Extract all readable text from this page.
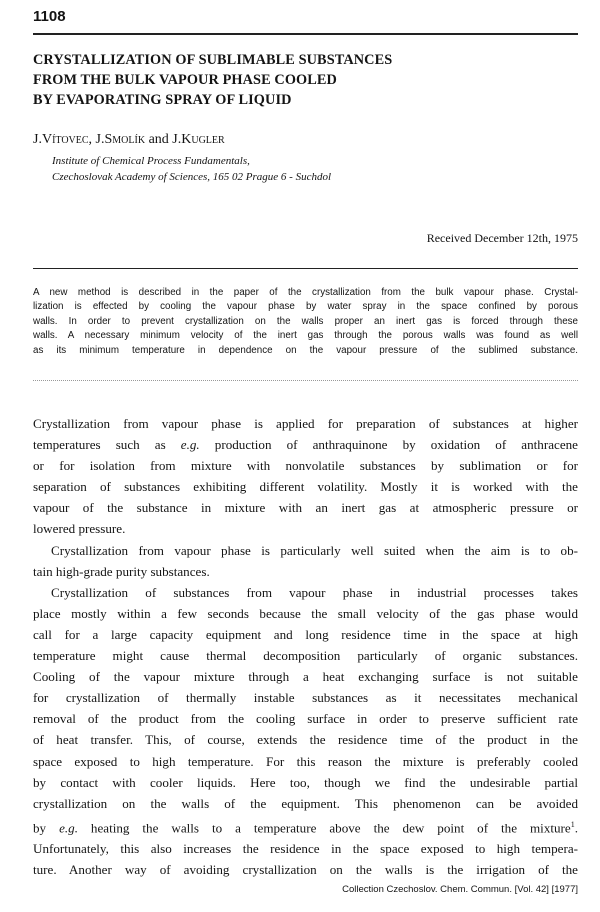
1108
CRYSTALLIZATION OF SUBLIMABLE SUBSTANCES
FROM THE BULK VAPOUR PHASE COOLED
BY EVAPORATING SPRAY OF LIQUID
J.Vítovec, J.Smolík and J.Kugler
Institute of Chemical Process Fundamentals,
Czechoslovak Academy of Sciences, 165 02 Prague 6 - Suchdol
Received December 12th, 1975
A new method is described in the paper of the crystallization from the bulk vapour phase. Crystal-
lization is effected by cooling the vapour phase by water spray in the space confined by porous
walls. In order to prevent crystallization on the walls proper an inert gas is forced through these
walls. A necessary minimum velocity of the inert gas through the porous walls was found as well
as its minimum temperature in dependence on the vapour pressure of the sublimed substance.
Crystallization from vapour phase is applied for preparation of substances at higher
temperatures such as e.g. production of anthraquinone by oxidation of anthracene
or for isolation from mixture with nonvolatile substances by sublimation or for
separation of substances exhibiting different volatility. Mostly it is worked with the
vapour of the substance in mixture with an inert gas at atmospheric pressure or
lowered pressure.
Crystallization from vapour phase is particularly well suited when the aim is to ob-
tain high-grade purity substances.
Crystallization of substances from vapour phase in industrial processes takes
place mostly within a few seconds because the small velocity of the gas phase would
call for a large capacity equipment and long residence time in the space at high
temperature might cause thermal decomposition particularly of organic substances.
Cooling of the vapour mixture through a heat exchanging surface is not suitable
for crystallization of thermally instable substances as it necessitates mechanical
removal of the product from the cooling surface in order to preserve sufficient rate
of heat transfer. This, of course, extends the residence time of the product in the
space exposed to high temperature. For this reason the mixture is preferably cooled
by contact with cooler liquids. Here too, though we find the undesirable partial
crystallization on the walls of the equipment. This phenomenon can be avoided
by e.g. heating the walls to a temperature above the dew point of the mixture$^1$.
Unfortunately, this also increases the residence in the space exposed to high tempera-
ture. Another way of avoiding crystallization on the walls is the irrigation of the
Collection Czechoslov. Chem. Commun. [Vol. 42] [1977]
